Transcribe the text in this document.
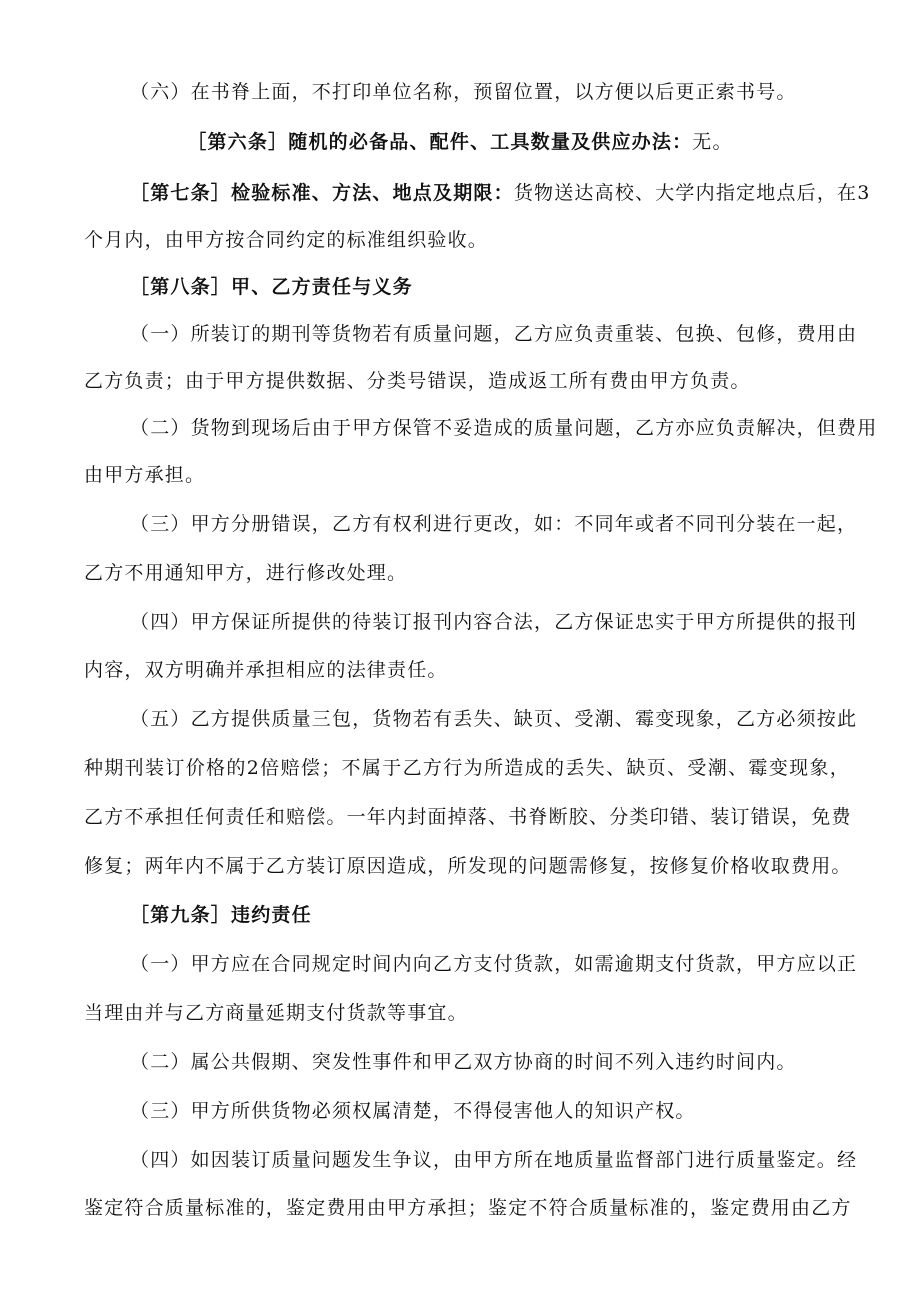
（六）在书脊上面，不打印单位名称，预留位置，以方便以后更正索书号。
［第六条］随机的必备品、配件、工具数量及供应办法：无。
［第七条］检验标准、方法、地点及期限：货物送达高校、大学内指定地点后，在3
个月内，由甲方按合同约定的标准组织验收。
［第八条］甲、乙方责任与义务
（一）所装订的期刊等货物若有质量问题，乙方应负责重装、包换、包修，费用由
乙方负责；由于甲方提供数据、分类号错误，造成返工所有费由甲方负责。
（二）货物到现场后由于甲方保管不妥造成的质量问题，乙方亦应负责解决，但费用
由甲方承担。
（三）甲方分册错误，乙方有权利进行更改，如：不同年或者不同刊分装在一起，
乙方不用通知甲方，进行修改处理。
（四）甲方保证所提供的待装订报刊内容合法，乙方保证忠实于甲方所提供的报刊
内容，双方明确并承担相应的法律责任。
（五）乙方提供质量三包，货物若有丢失、缺页、受潮、霉变现象，乙方必须按此
种期刊装订价格的2倍赔偿；不属于乙方行为所造成的丢失、缺页、受潮、霉变现象，
乙方不承担任何责任和赔偿。一年内封面掉落、书脊断胶、分类印错、装订错误，免费
修复；两年内不属于乙方装订原因造成，所发现的问题需修复，按修复价格收取费用。
［第九条］违约责任
（一）甲方应在合同规定时间内向乙方支付货款，如需逾期支付货款，甲方应以正
当理由并与乙方商量延期支付货款等事宜。
（二）属公共假期、突发性事件和甲乙双方协商的时间不列入违约时间内。
（三）甲方所供货物必须权属清楚，不得侵害他人的知识产权。
（四）如因装订质量问题发生争议，由甲方所在地质量监督部门进行质量鉴定。经
鉴定符合质量标准的，鉴定费用由甲方承担；鉴定不符合质量标准的，鉴定费用由乙方
